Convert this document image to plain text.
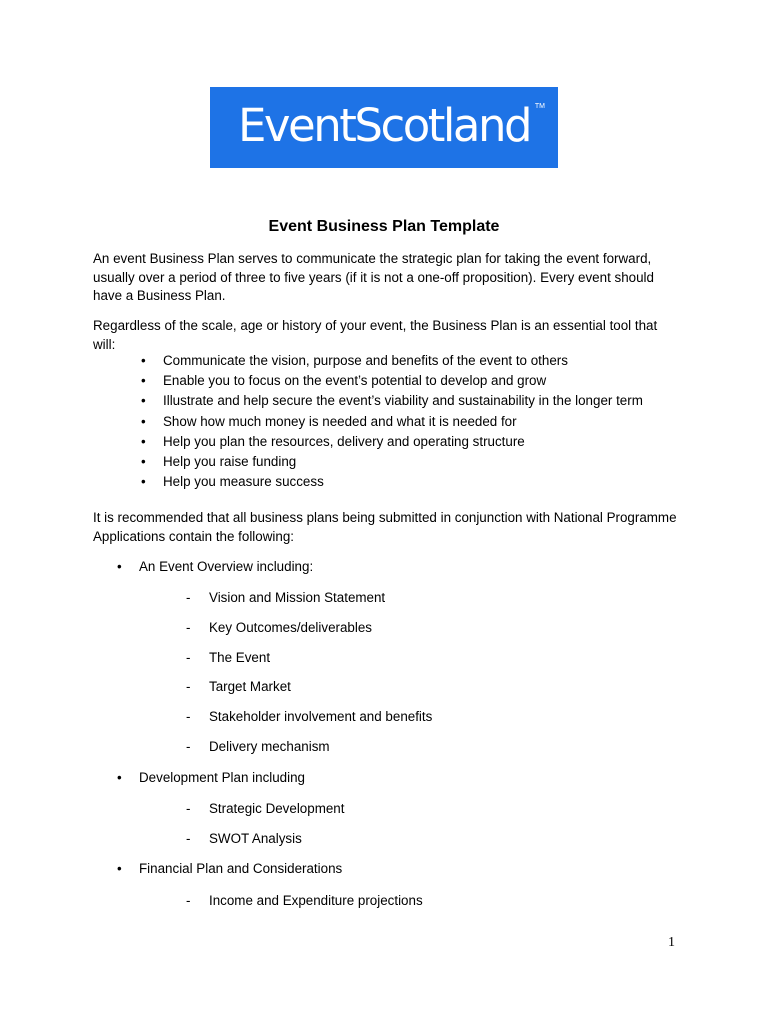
EventScotland TM
Event Business Plan Template
An event Business Plan serves to communicate the strategic plan for taking the event forward, usually over a period of three to five years (if it is not a one-off proposition). Every event should have a Business Plan.
Regardless of the scale, age or history of your event, the Business Plan is an essential tool that will:
• Communicate the vision, purpose and benefits of the event to others
• Enable you to focus on the event’s potential to develop and grow
• Illustrate and help secure the event’s viability and sustainability in the longer term
• Show how much money is needed and what it is needed for
• Help you plan the resources, delivery and operating structure
• Help you raise funding
• Help you measure success
It is recommended that all business plans being submitted in conjunction with National Programme Applications contain the following:
• An Event Overview including:
- Vision and Mission Statement
- Key Outcomes/deliverables
- The Event
- Target Market
- Stakeholder involvement and benefits
- Delivery mechanism
• Development Plan including
- Strategic Development
- SWOT Analysis
• Financial Plan and Considerations
- Income and Expenditure projections
1
